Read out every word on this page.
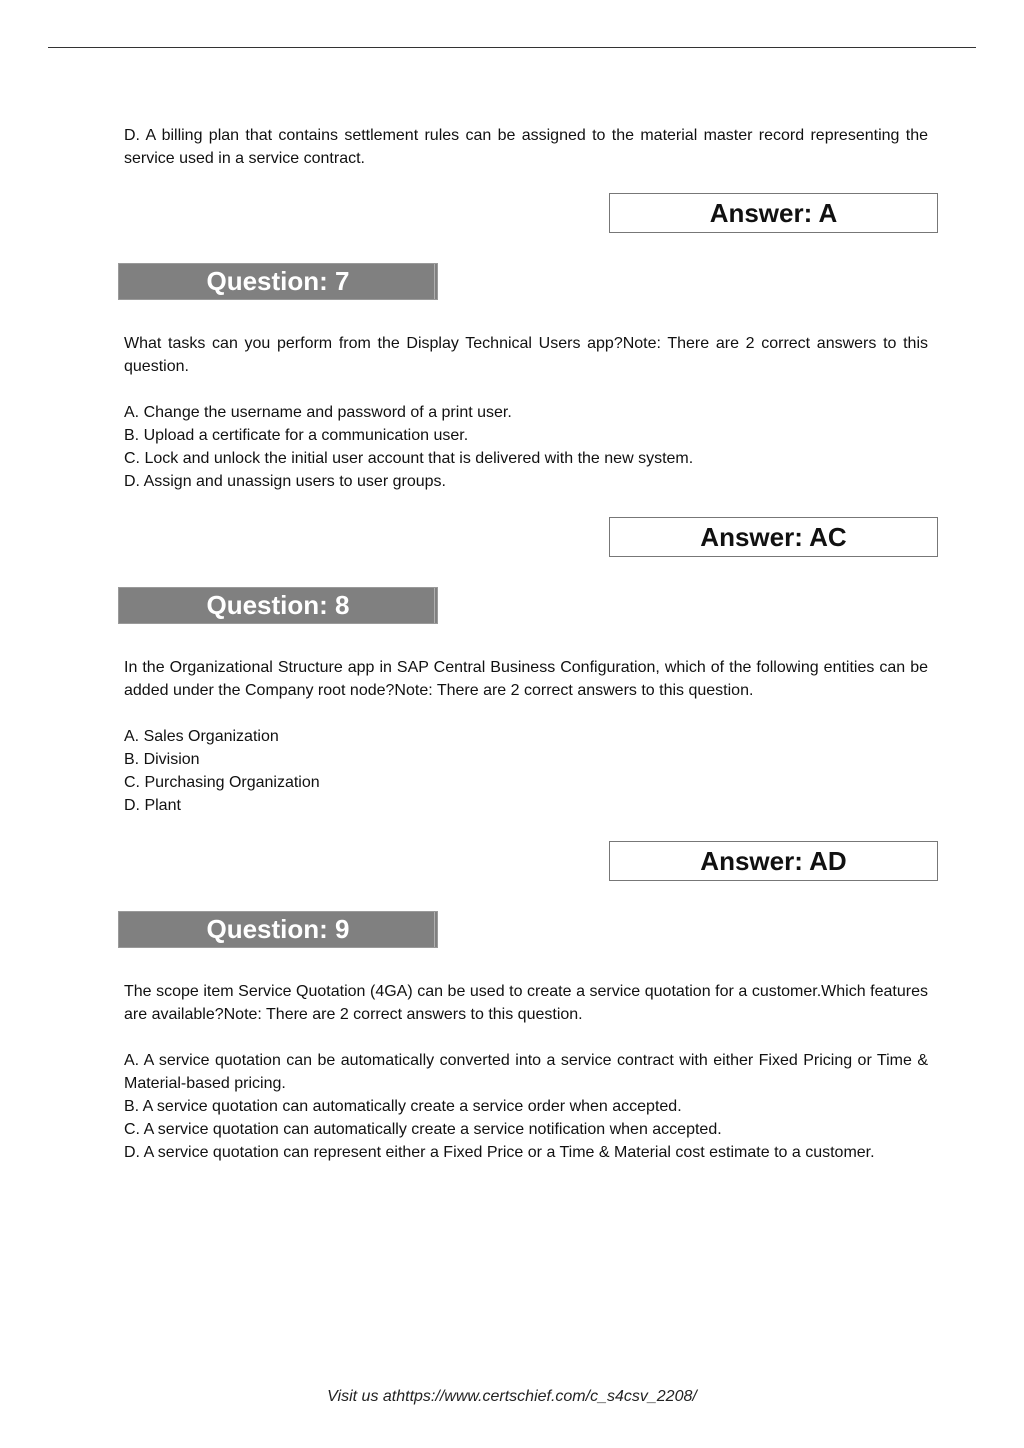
D. A billing plan that contains settlement rules can be assigned to the material master record representing the service used in a service contract.

Answer: A
Question: 7

What tasks can you perform from the Display Technical Users app?Note: There are 2 correct answers to this question.

A. Change the username and password of a print user.

B. Upload a certificate for a communication user.

C. Lock and unlock the initial user account that is delivered with the new system.

D. Assign and unassign users to user groups.

Answer: AC
Question: 8

In the Organizational Structure app in SAP Central Business Configuration, which of the following entities can be added under the Company root node?Note: There are 2 correct answers to this question.

A. Sales Organization

B. Division

C. Purchasing Organization

D. Plant

Answer: AD
Question: 9

The scope item Service Quotation (4GA) can be used to create a service quotation for a customer.Which features are available?Note: There are 2 correct answers to this question.

A. A service quotation can be automatically converted into a service contract with either Fixed Pricing or Time & Material-based pricing.

B. A service quotation can automatically create a service order when accepted.

C. A service quotation can automatically create a service notification when accepted.

D. A service quotation can represent either a Fixed Price or a Time & Material cost estimate to a customer.

Visit us athttps://www.certschief.com/c_s4csv_2208/
